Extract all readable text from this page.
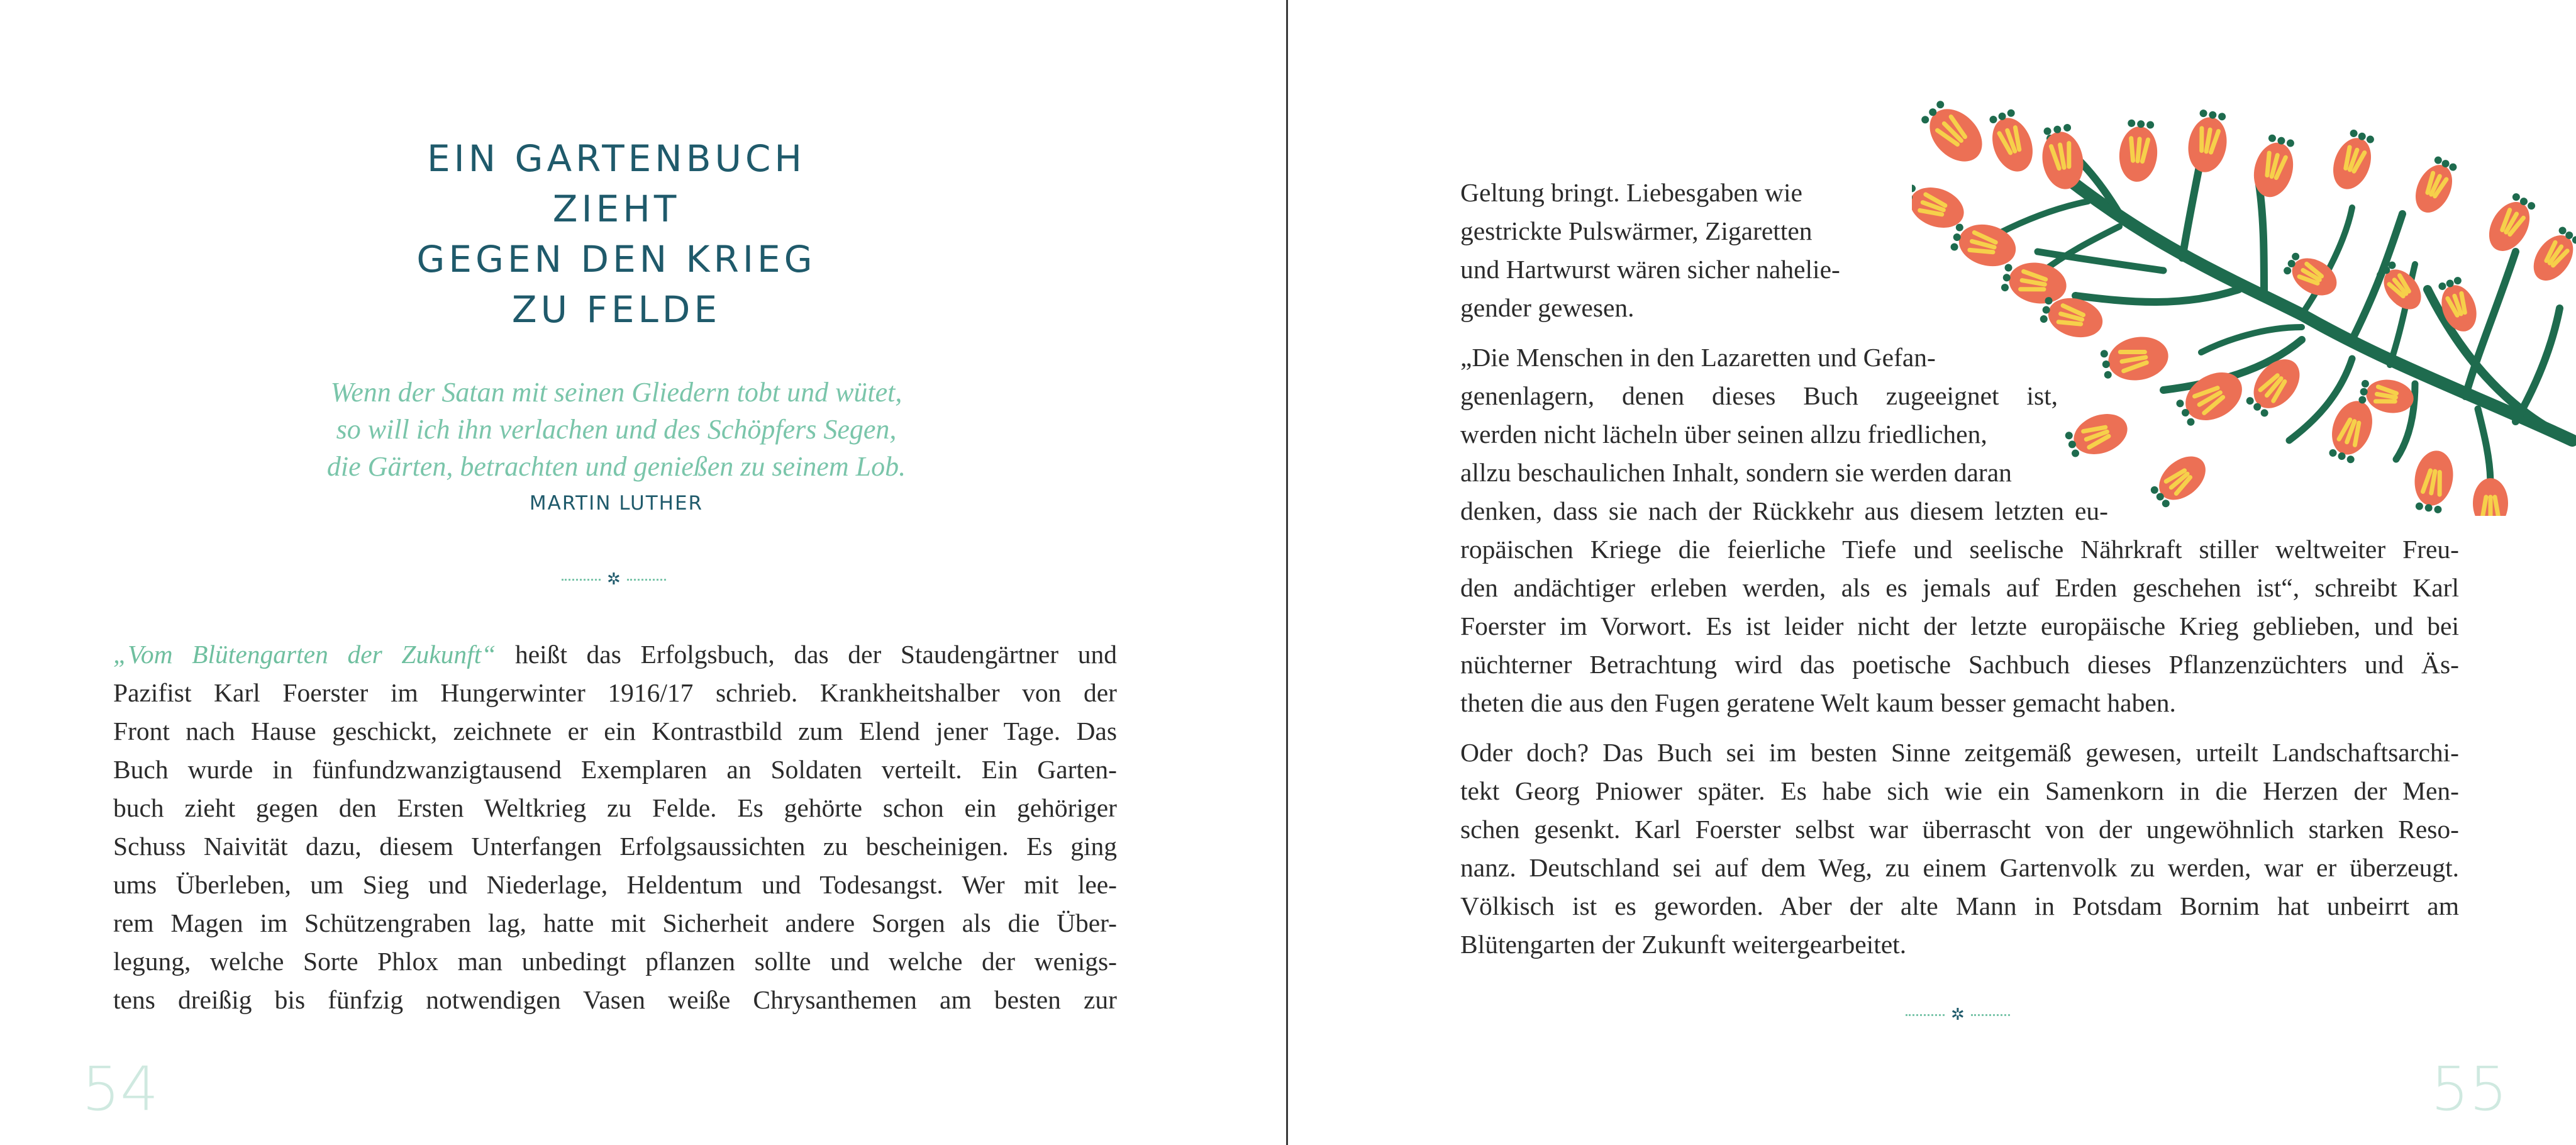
EIN GARTENBUCH
ZIEHT
GEGEN DEN KRIEG
ZU FELDE
Wenn der Satan mit seinen Gliedern tobt und wütet,
so will ich ihn verlachen und des Schöpfers Segen,
die Gärten, betrachten und genießen zu seinem Lob.
MARTIN LUTHER
✲
„Vom Blütengarten der Zukunft“ heißt das Erfolgsbuch, das der Staudengärtner und
Pazifist Karl Foerster im Hungerwinter 1916/17 schrieb. Krankheitshalber von der
Front nach Hause geschickt, zeichnete er ein Kontrastbild zum Elend jener Tage. Das
Buch wurde in fünfundzwanzigtausend Exemplaren an Soldaten verteilt. Ein Garten-
buch zieht gegen den Ersten Weltkrieg zu Felde. Es gehörte schon ein gehöriger
Schuss Naivität dazu, diesem Unterfangen Erfolgsaussichten zu bescheinigen. Es ging
ums Überleben, um Sieg und Niederlage, Heldentum und Todesangst. Wer mit lee-
rem Magen im Schützengraben lag, hatte mit Sicherheit andere Sorgen als die Über-
legung, welche Sorte Phlox man unbedingt pflanzen sollte und welche der wenigs-
tens dreißig bis fünfzig notwendigen Vasen weiße Chrysanthemen am besten zur
54
Geltung bringt. Liebesgaben wie
gestrickte Pulswärmer, Zigaretten
und Hartwurst wären sicher nahelie-
gender gewesen.
„Die Menschen in den Lazaretten und Gefan-
genenlagern, denen dieses Buch zugeeignet ist,
werden nicht lächeln über seinen allzu friedlichen,
allzu beschaulichen Inhalt, sondern sie werden daran
denken, dass sie nach der Rückkehr aus diesem letzten eu-
ropäischen Kriege die feierliche Tiefe und seelische Nährkraft stiller weltweiter Freu-
den andächtiger erleben werden, als es jemals auf Erden geschehen ist“, schreibt Karl
Foerster im Vorwort. Es ist leider nicht der letzte europäische Krieg geblieben, und bei
nüchterner Betrachtung wird das poetische Sachbuch dieses Pflanzenzüchters und Äs-
theten die aus den Fugen geratene Welt kaum besser gemacht haben.
Oder doch? Das Buch sei im besten Sinne zeitgemäß gewesen, urteilt Landschaftsarchi-
tekt Georg Pniower später. Es habe sich wie ein Samenkorn in die Herzen der Men-
schen gesenkt. Karl Foerster selbst war überrascht von der ungewöhnlich starken Reso-
nanz. Deutschland sei auf dem Weg, zu einem Gartenvolk zu werden, war er überzeugt.
Völkisch ist es geworden. Aber der alte Mann in Potsdam Bornim hat unbeirrt am
Blütengarten der Zukunft weitergearbeitet.
✲
55
